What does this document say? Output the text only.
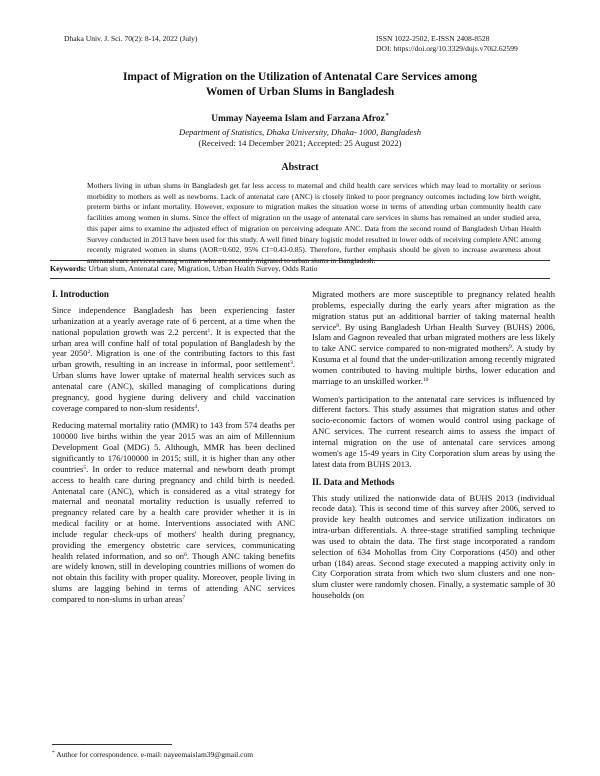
Dhaka Univ. J. Sci. 70(2): 8-14, 2022 (July)	ISSN 1022-2502, E-ISSN 2408-8528
DOI: https://doi.org/10.3329/dujs.v70i2.62599
Impact of Migration on the Utilization of Antenatal Care Services among
Women of Urban Slums in Bangladesh
Ummay Nayeema Islam and Farzana Afroz*
Department of Statistics, Dhaka University, Dhaka- 1000, Bangladesh
(Received: 14 December 2021; Accepted: 25 August 2022)
Abstract
Mothers living in urban slums in Bangladesh get far less access to maternal and child health care services which may lead to mortality or serious morbidity to mothers as well as newborns. Lack of antenatal care (ANC) is closely linked to poor pregnancy outcomes including low birth weight, preterm births or infant mortality. However, exposure to migration makes the situation worse in terms of attending urban community health care facilities among women in slums. Since the effect of migration on the usage of antenatal care services in slums has remained an under studied area, this paper aims to examine the adjusted effect of migration on perceiving adequate ANC. Data from the second round of Bangladesh Urban Health Survey conducted in 2013 have been used for this study. A well fitted binary logistic model resulted in lower odds of receiving complete ANC among recently migrated women in slums (AOR=0.602, 95% CI=0.43-0.85). Therefore, further emphasis should be given to increase awareness about antenatal care services among women who are recently migrated to urban slums in Bangladesh.
Keywords: Urban slum, Antenatal care, Migration, Urban Health Survey, Odds Ratio
I. Introduction

Since independence Bangladesh has been experiencing faster urbanization at a yearly average rate of 6 percent, at a time when the national population growth was 2.2 percent$^1$. It is expected that the urban area will confine half of total population of Bangladesh by the year 2050$^2$. Migration is one of the contributing factors to this fast urban growth, resulting in an increase in informal, poor settlement$^3$. Urban slums have lower uptake of maternal health services such as antenatal care (ANC), skilled managing of complications during pregnancy, good hygiene during delivery and child vaccination coverage compared to non-slum residents$^4$.

Reducing maternal mortality ratio (MMR) to 143 from 574 deaths per 100000 live births within the year 2015 was an aim of Millennium Development Goal (MDG) 5. Although, MMR has been declined significantly to 176/100000 in 2015; still, it is higher than any other countries$^5$. In order to reduce maternal and newborn death prompt access to health care during pregnancy and child birth is needed. Antenatal care (ANC), which is considered as a vital strategy for maternal and neonatal mortality reduction is usually referred to pregnancy related care by a health care provider whether it is in medical facility or at home. Interventions associated with ANC include regular check-ups of mothers' health during pregnancy, providing the emergency obstetric care services, communicating health related information, and so on$^6$. Though ANC taking benefits are widely known, still in developing countries millions of women do not obtain this facility with proper quality. Moreover, people living in slums are lagging behind in terms of attending ANC services compared to non-slums in urban areas$^7$

Migrated mothers are more susceptible to pregnancy related health problems, especially during the early years after migration as the migration status put an additional barrier of taking maternal health service$^8$. By using Bangladesh Urban Health Survey (BUHS) 2006, Islam and Gagnon revealed that urban migrated mothers are less likely to take ANC service compared to non-migrated mothers$^9$. A study by Kusuma et al found that the under-utilization among recently migrated women contributed to having multiple births, lower education and marriage to an unskilled worker.$^{10}$

Women's participation to the antenatal care services is influenced by different factors. This study assumes that migration status and other socio-economic factors of women would control using package of ANC services. The current research aims to assess the impact of internal migration on the use of antenatal care services among women's age 15-49 years in City Corporation slum areas by using the latest data from BUHS 2013.

II. Data and Methods

This study utilized the nationwide data of BUHS 2013 (individual recode data). This is second time of this survey after 2006, served to provide key health outcomes and service utilization indicators on intra-urban differentials. A three-stage stratified sampling technique was used to obtain the data. The first stage incorporated a random selection of 634 Mohollas from City Corporations (450) and other urban (184) areas. Second stage executed a mapping activity only in City Corporation strata from which two slum clusters and one non-slum cluster were randomly chosen. Finally, a systematic sample of 30 households (on

* Author for correspondence. e-mail: nayeemaislam39@gmail.com
